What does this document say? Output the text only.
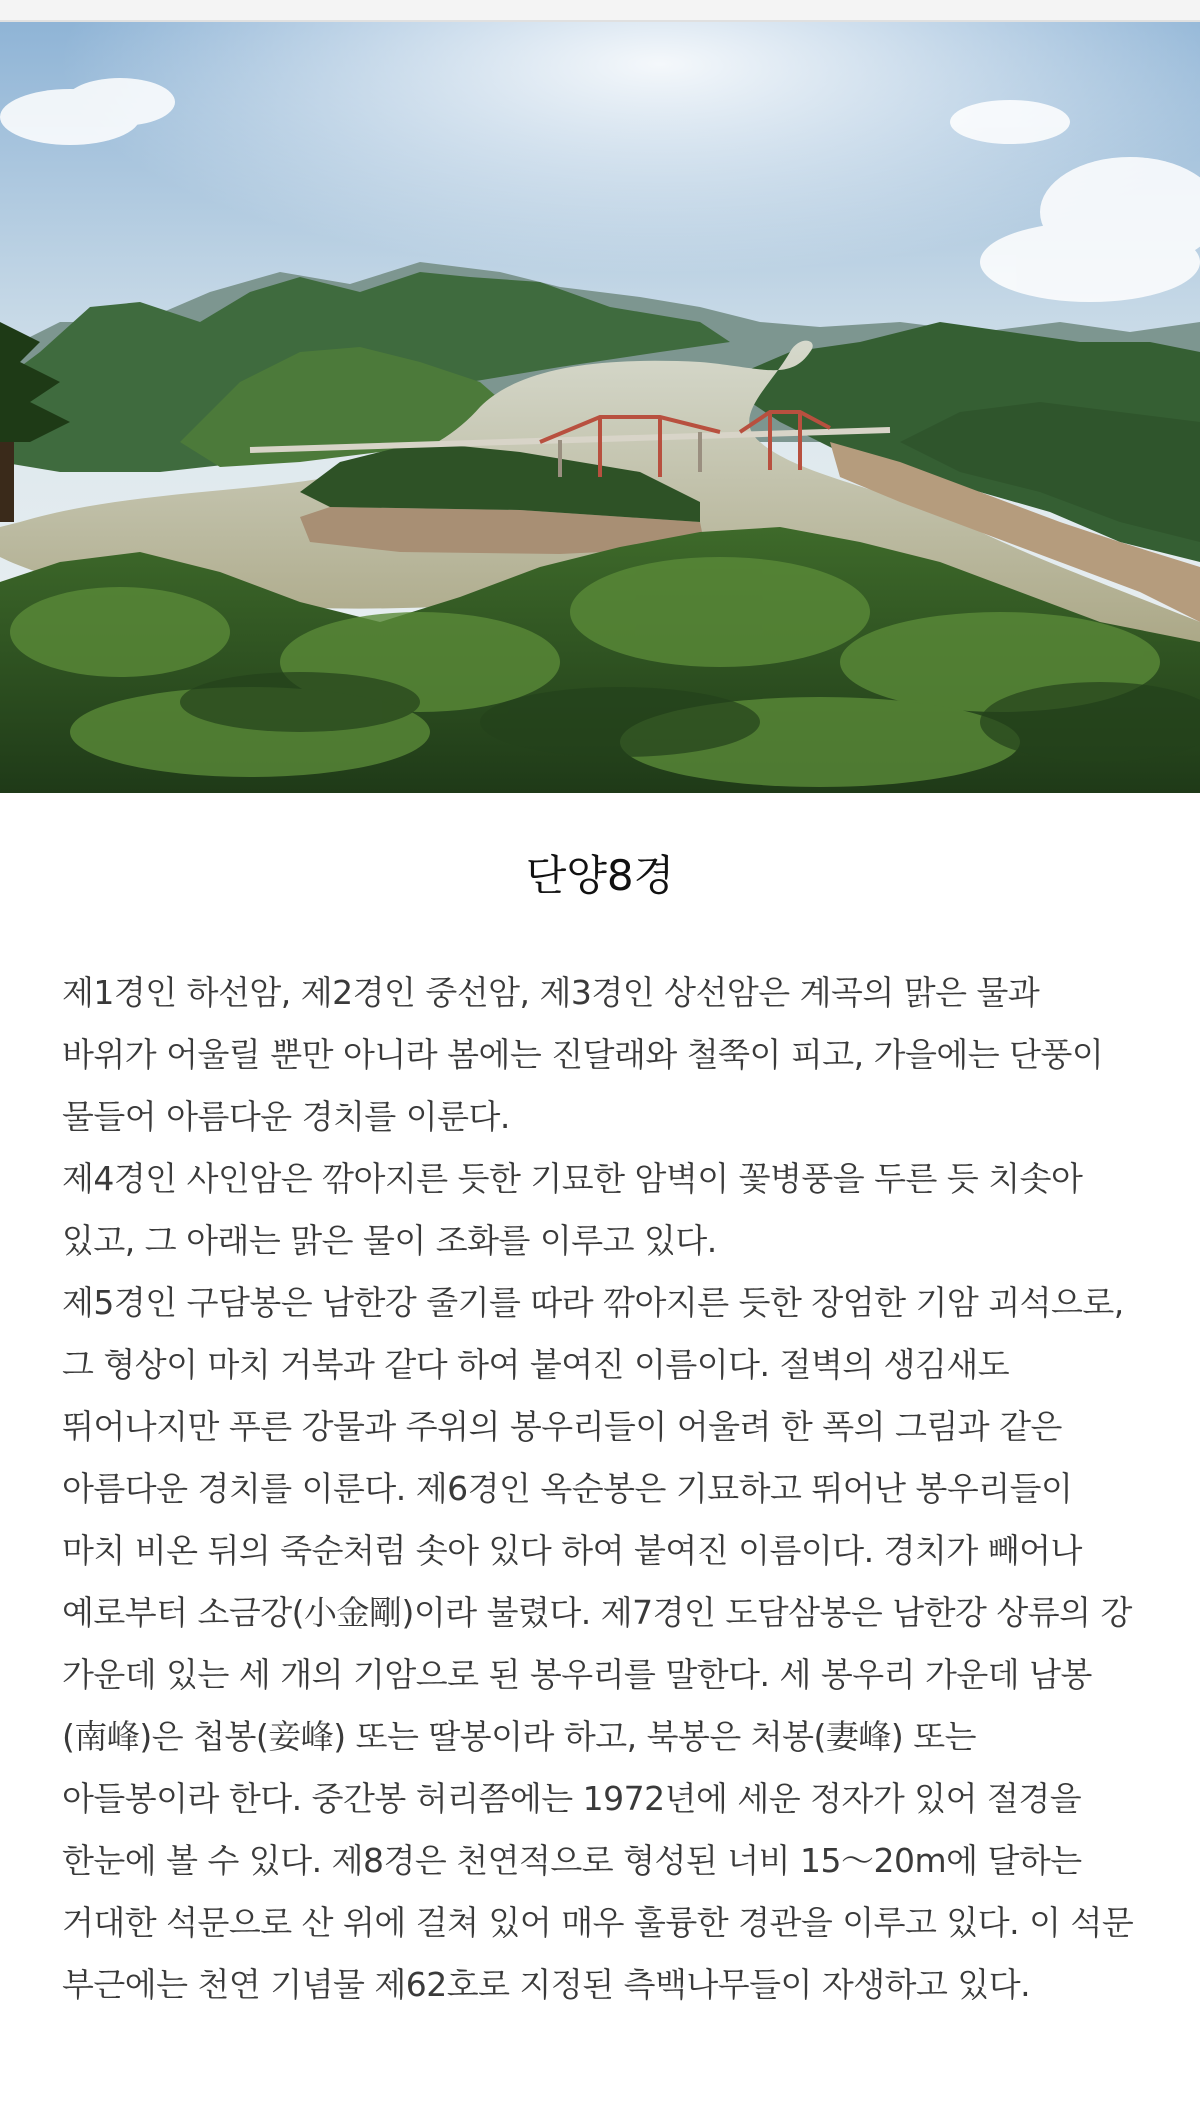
단양8경

제1경인 하선암, 제2경인 중선암, 제3경인 상선암은 계곡의 맑은 물과 바위가 어울릴 뿐만 아니라 봄에는 진달래와 철쭉이 피고, 가을에는 단풍이 물들어 아름다운 경치를 이룬다.

제4경인 사인암은 깎아지른 듯한 기묘한 암벽이 꽃병풍을 두른 듯 치솟아 있고, 그 아래는 맑은 물이 조화를 이루고 있다.

제5경인 구담봉은 남한강 줄기를 따라 깎아지른 듯한 장엄한 기암 괴석으로, 그 형상이 마치 거북과 같다 하여 붙여진 이름이다. 절벽의 생김새도 뛰어나지만 푸른 강물과 주위의 봉우리들이 어울려 한 폭의 그림과 같은 아름다운 경치를 이룬다. 제6경인 옥순봉은 기묘하고 뛰어난 봉우리들이 마치 비온 뒤의 죽순처럼 솟아 있다 하여 붙여진 이름이다. 경치가 빼어나 예로부터 소금강(小金剛)이라 불렸다. 제7경인 도담삼봉은 남한강 상류의 강 가운데 있는 세 개의 기암으로 된 봉우리를 말한다. 세 봉우리 가운데 남봉(南峰)은 첩봉(妾峰) 또는 딸봉이라 하고, 북봉은 처봉(妻峰) 또는 아들봉이라 한다. 중간봉 허리쯤에는 1972년에 세운 정자가 있어 절경을 한눈에 볼 수 있다. 제8경은 천연적으로 형성된 너비 15～20m에 달하는 거대한 석문으로 산 위에 걸쳐 있어 매우 훌륭한 경관을 이루고 있다. 이 석문 부근에는 천연 기념물 제62호로 지정된 측백나무들이 자생하고 있다.
